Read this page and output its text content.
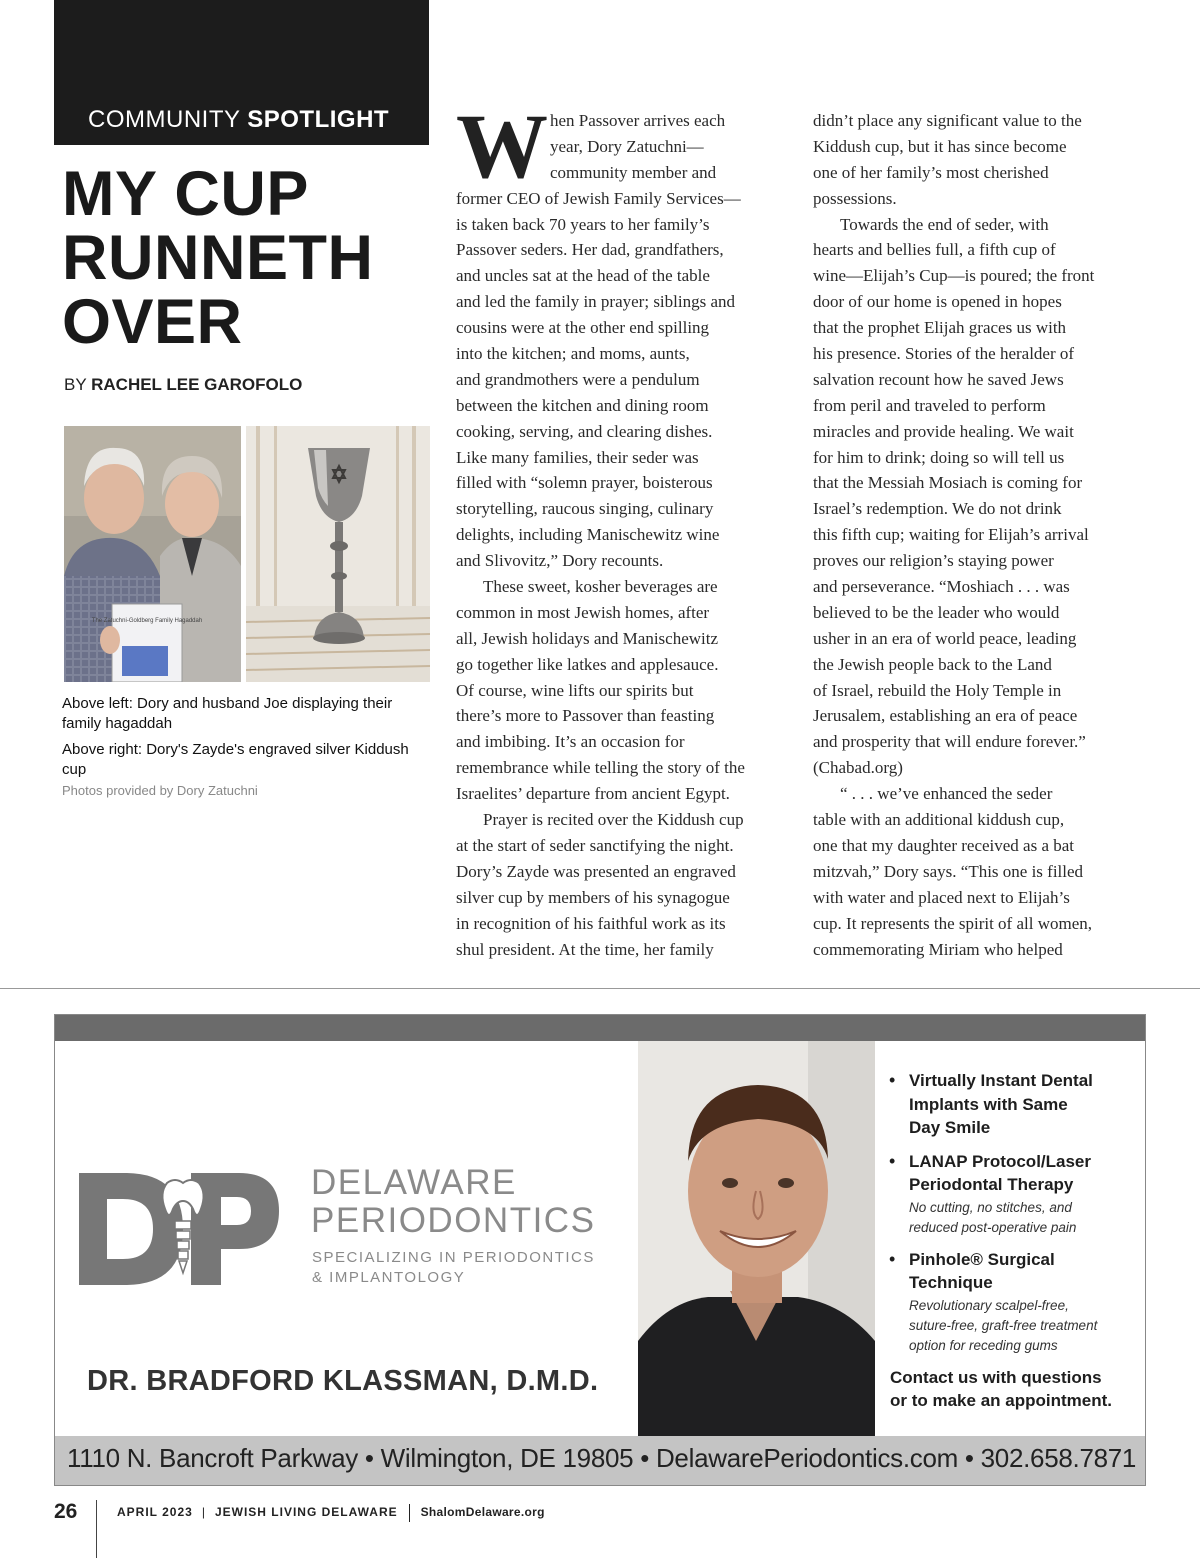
COMMUNITY SPOTLIGHT
MY CUP
RUNNETH
OVER
BY RACHEL LEE GAROFOLO
The Zatuchni-Goldberg Family Hagaddah
Above left: Dory and husband Joe displaying their family hagaddah
Above right: Dory's Zayde's engraved silver Kiddush cup
Photos provided by Dory Zatuchni
W hen Passover arrives each
year, Dory Zatuchni—
community member and
former CEO of Jewish Family Services—
is taken back 70 years to her family’s
Passover seders. Her dad, grandfathers,
and uncles sat at the head of the table
and led the family in prayer; siblings and
cousins were at the other end spilling
into the kitchen; and moms, aunts,
and grandmothers were a pendulum
between the kitchen and dining room
cooking, serving, and clearing dishes.
Like many families, their seder was
filled with “solemn prayer, boisterous
storytelling, raucous singing, culinary
delights, including Manischewitz wine
and Slivovitz,” Dory recounts.
These sweet, kosher beverages are
common in most Jewish homes, after
all, Jewish holidays and Manischewitz
go together like latkes and applesauce.
Of course, wine lifts our spirits but
there’s more to Passover than feasting
and imbibing. It’s an occasion for
remembrance while telling the story of the
Israelites’ departure from ancient Egypt.
Prayer is recited over the Kiddush cup
at the start of seder sanctifying the night.
Dory’s Zayde was presented an engraved
silver cup by members of his synagogue
in recognition of his faithful work as its
shul president. At the time, her family
didn’t place any significant value to the
Kiddush cup, but it has since become
one of her family’s most cherished
possessions.
Towards the end of seder, with
hearts and bellies full, a fifth cup of
wine—Elijah’s Cup—is poured; the front
door of our home is opened in hopes
that the prophet Elijah graces us with
his presence. Stories of the heralder of
salvation recount how he saved Jews
from peril and traveled to perform
miracles and provide healing. We wait
for him to drink; doing so will tell us
that the Messiah Mosiach is coming for
Israel’s redemption. We do not drink
this fifth cup; waiting for Elijah’s arrival
proves our religion’s staying power
and perseverance. “Moshiach . . . was
believed to be the leader who would
usher in an era of world peace, leading
the Jewish people back to the Land
of Israel, rebuild the Holy Temple in
Jerusalem, establishing an era of peace
and prosperity that will endure forever.”
(Chabad.org)
“ . . . we’ve enhanced the seder
table with an additional kiddush cup,
one that my daughter received as a bat
mitzvah,” Dory says. “This one is filled
with water and placed next to Elijah’s
cup. It represents the spirit of all women,
commemorating Miriam who helped
DP	DELAWARE
PERIODONTICS
SPECIALIZING IN PERIODONTICS
& IMPLANTOLOGY
DR. BRADFORD KLASSMAN, D.M.D.
• Virtually Instant Dental
Implants with Same
Day Smile
• LANAP Protocol/Laser
Periodontal Therapy
No cutting, no stitches, and
reduced post-operative pain
• Pinhole® Surgical
Technique
Revolutionary scalpel-free,
suture-free, graft-free treatment
option for receding gums
Contact us with questions
or to make an appointment.
1110 N. Bancroft Parkway • Wilmington, DE 19805 • DelawarePeriodontics.com • 302.658.7871
26	APRIL 2023 | JEWISH LIVING DELAWARE ShalomDelaware.org
